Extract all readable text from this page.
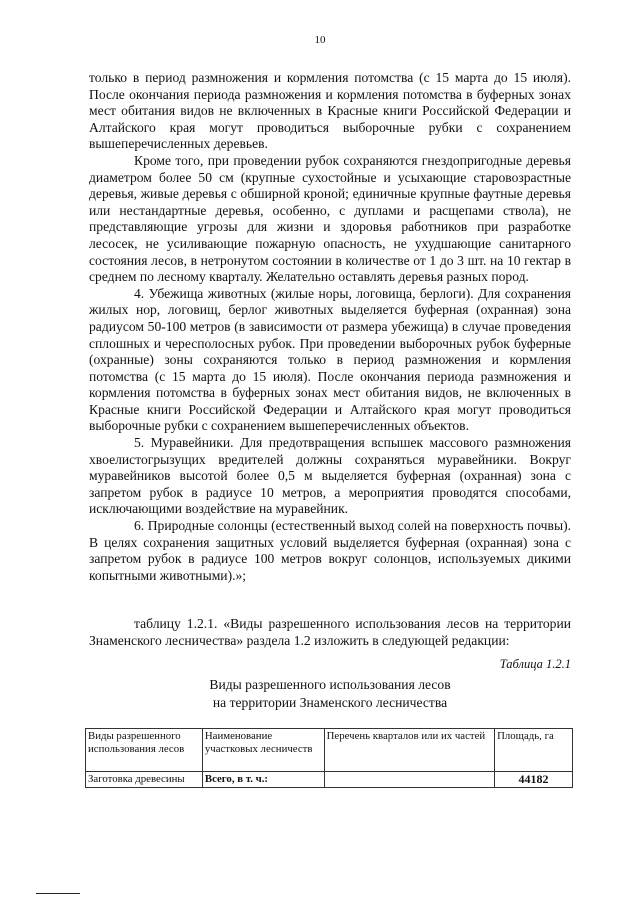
10

только в период размножения и кормления потомства (с 15 марта до 15 июля). После окончания периода размножения и кормления потомства в буферных зонах мест обитания видов не включенных в Красные книги Российской Федерации и Алтайского края могут проводиться выборочные рубки с сохранением вышеперечисленных деревьев.

Кроме того, при проведении рубок сохраняются гнездопригодные деревья диаметром более 50 см (крупные сухостойные и усыхающие старовозрастные деревья, живые деревья с обширной кроной; единичные крупные фаутные деревья или нестандартные деревья, особенно, с дуплами и расщепами ствола), не представляющие угрозы для жизни и здоровья работников при разработке лесосек, не усиливающие пожарную опасность, не ухудшающие санитарного состояния лесов, в нетронутом состоянии в количестве от 1 до 3 шт. на 10 гектар в среднем по лесному кварталу. Желательно оставлять деревья разных пород.

4. Убежища животных (жилые норы, логовища, берлоги). Для сохранения жилых нор, логовищ, берлог животных выделяется буферная (охранная) зона радиусом 50-100 метров (в зависимости от размера убежища) в случае проведения сплошных и чересполосных рубок. При проведении выборочных рубок буферные (охранные) зоны сохраняются только в период размножения и кормления потомства (с 15 марта до 15 июля). После окончания периода размножения и кормления потомства в буферных зонах мест обитания видов, не включенных в Красные книги Российской Федерации и Алтайского края могут проводиться выборочные рубки с сохранением вышеперечисленных объектов.

5. Муравейники. Для предотвращения вспышек массового размножения хвоелистогрызущих вредителей должны сохраняться муравейники. Вокруг муравейников высотой более 0,5 м выделяется буферная (охранная) зона с запретом рубок в радиусе 10 метров, а мероприятия проводятся способами, исключающими воздействие на муравейник.

6. Природные солонцы (естественный выход солей на поверхность почвы). В целях сохранения защитных условий выделяется буферная (охранная) зона с запретом рубок в радиусе 100 метров вокруг солонцов, используемых дикими копытными животными).»;

таблицу 1.2.1. «Виды разрешенного использования лесов на территории Знаменского лесничества» раздела 1.2 изложить в следующей редакции:

Таблица 1.2.1
Виды разрешенного использования лесов
на территории Знаменского лесничества
Виды разрешенного использования лесов	Наименование участковых лесничеств	Перечень кварталов или их частей	Площадь, га
Заготовка древесины	Всего, в т. ч.:		44182
